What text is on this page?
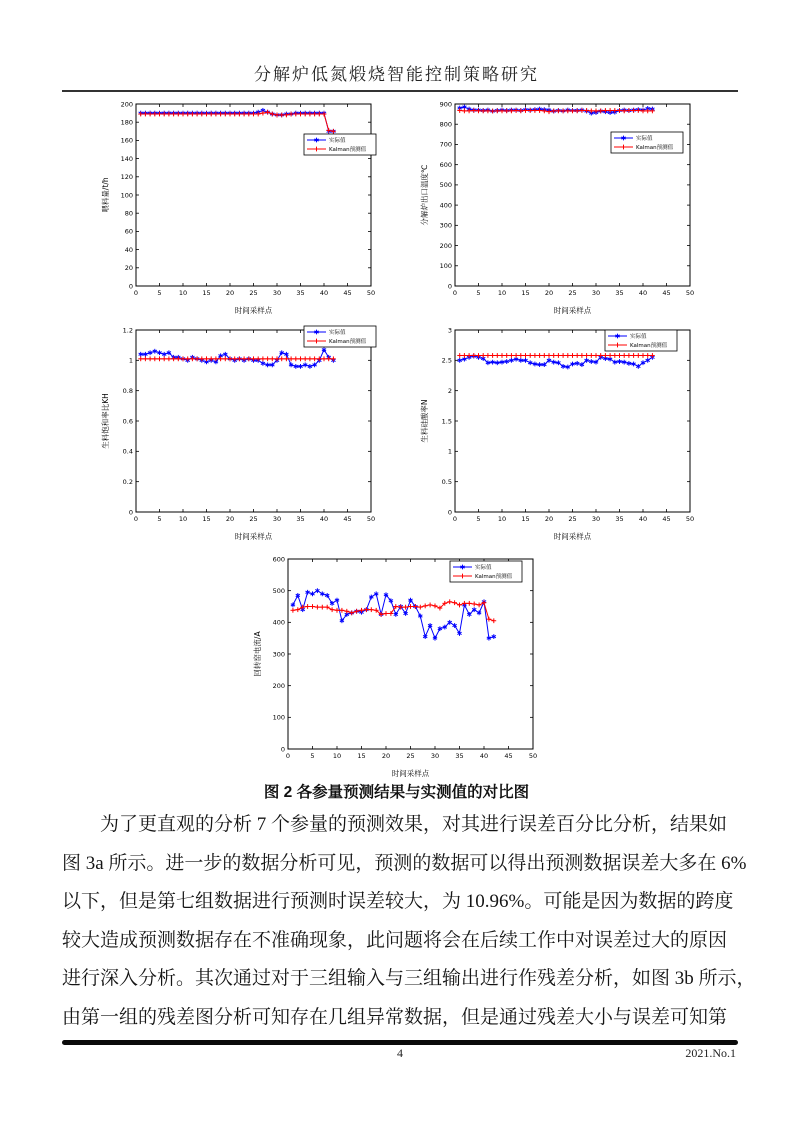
分解炉低氮煅烧智能控制策略研究
0	5	10 15 20 25 30 35 40 45 50
0
20
40
60
80
100
120
140
160
180
200
时间采样点
喂料量/t/h
实际值
Kalman预测值
0	5	10 15 20 25 30 35 40 45 50
0
100
200
300
400
500
600
700
800
900
时间采样点
分解炉出口温度℃
实际值
Kalman预测值
0	5	10 15 20 25 30 35 40 45 50
0
0.2
0.4
0.6
0.8
1
1.2
时间采样点
生料饱和率比KH
实际值
Kalman预测值
0	5	10 15 20 25 30 35 40 45 50
0
0.5
1
1.5
2
2.5
3
时间采样点
生料硅酸率N
实际值
Kalman预测值
0	5	10 15 20 25 30 35 40 45 50
0
100
200
300
400
500
600
时间采样点
回转窑电流/A
实际值
Kalman预测值
图 2 各参量预测结果与实测值的对比图
为了更直观的分析 7 个参量的预测效果，对其进行误差百分比分析，结果如
图 3a 所示。进一步的数据分析可见，预测的数据可以得出预测数据误差大多在 6%
以下，但是第七组数据进行预测时误差较大，为 10.96%。可能是因为数据的跨度
较大造成预测数据存在不准确现象，此问题将会在后续工作中对误差过大的原因
进行深入分析。其次通过对于三组输入与三组输出进行作残差分析，如图 3b 所示，
由第一组的残差图分析可知存在几组异常数据，但是通过残差大小与误差可知第
4	2021.No.1
